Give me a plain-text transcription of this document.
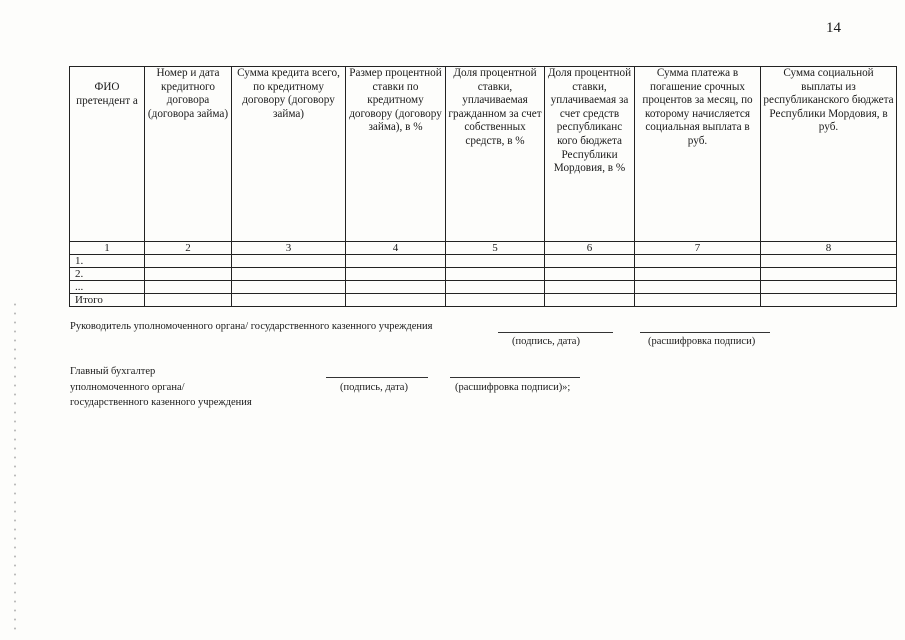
14
ФИО претендент а	Номер и дата кредитного договора (договора займа)	Сумма кредита всего, по кредитному договору (договору займа)	Размер процентной ставки по кредитному договору (договору займа), в %	Доля процентной ставки, уплачиваемая гражданном за счет собственных средств, в %	Доля процентной ставки, уплачиваемая за счет средств республиканс кого бюджета Республики Мордовия, в %	Сумма платежа в погашение срочных процентов за месяц, по которому начисляется социальная выплата в руб.	Сумма социальной выплаты из республиканского бюджета Республики Мордовия, в руб.
1	2	3	4	5	6	7	8
1.							
2.							
...							
Итого							
Руководитель уполномоченного органа/ государственного казенного учреждения
(подпись, дата)	(расшифровка подписи)
Главный бухгалтер
уполномоченного органа/
государственного казенного учреждения
(подпись, дата)	(расшифровка подписи)»;
